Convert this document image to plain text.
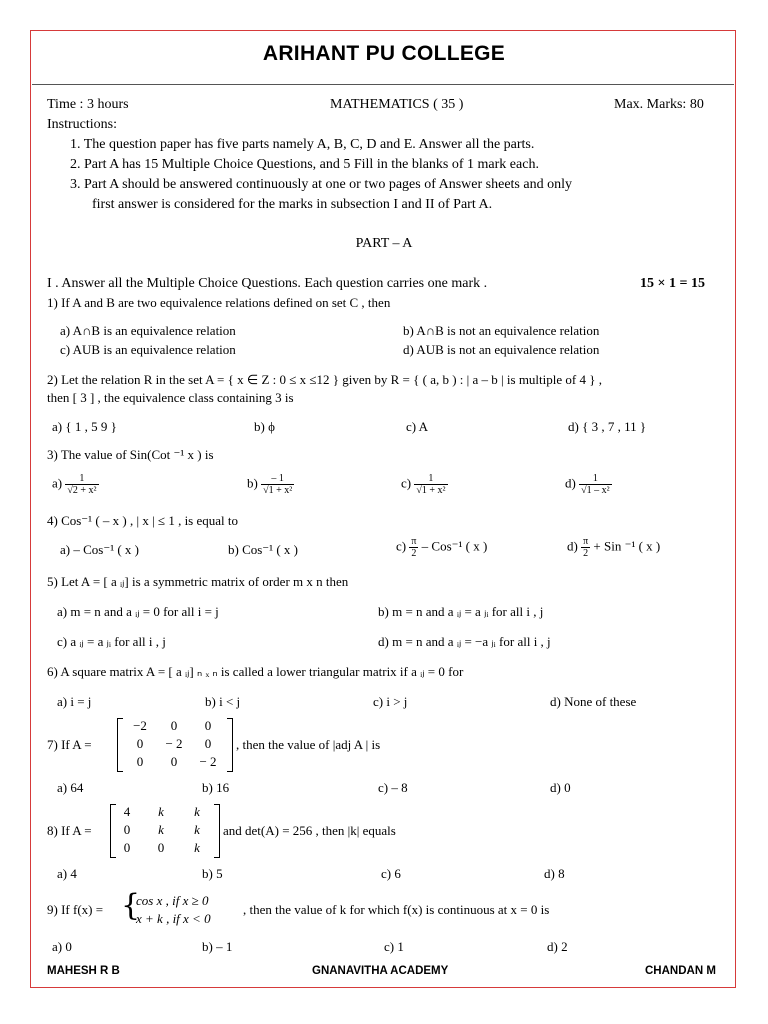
ARIHANT PU COLLEGE
Time : 3 hours	MATHEMATICS ( 35 )	Max. Marks: 80
Instructions:
1. The question paper has five parts namely A, B, C, D and E. Answer all the parts.
2. Part A has 15 Multiple Choice Questions, and 5 Fill in the blanks of 1 mark each.
3. Part A should be answered continuously at one or two pages of Answer sheets and only
first answer is considered for the marks in subsection I and II of Part A.
PART – A
I . Answer all the Multiple Choice Questions. Each question carries one mark .	15 × 1 = 15
1) If A and B are two equivalence relations defined on set C , then
a) A∩B is an equivalence relation	b) A∩B is not an equivalence relation
c) AUB is an equivalence relation	d) AUB is not an equivalence relation
2) Let the relation R in the set A = { x ∈ Z : 0 ≤ x ≤12 } given by R = { ( a, b ) : | a – b | is multiple of 4 } ,
then [ 3 ] , the equivalence class containing 3 is
a) { 1 , 5 9 }	b) ϕ	c) A	d) { 3 , 7 , 11 }
3) The value of Sin(Cot ⁻¹ x ) is
$a) \frac{1}{\text{√2 + x²}}$	$b) \frac{- 1}{\text{√1 + x²}}$	$c) \frac{1}{\text{√1 + x²}}$	$d) \frac{1}{\text{√1 – x²}}$
4) Cos⁻¹ ( – x ) , | x | ≤ 1 , is equal to
a) – Cos⁻¹ ( x )	b) Cos⁻¹ ( x )	$c) \frac{\pi}{2} - Cos^{-1}$ ( x )	$d) \frac{\pi}{2}$ + Sin ⁻¹ ( x )
5) Let A = [ a ᵢⱼ] is a symmetric matrix of order m x n then
a) m = n and a ᵢⱼ = 0 for all i = j	b) m = n and a ᵢⱼ = a ⱼᵢ for all i , j
c) a ᵢⱼ = a ⱼᵢ for all i , j	d) m = n and a ᵢⱼ = −a ⱼᵢ for all i , j
6) A square matrix A = [ a ᵢⱼ] ₙ ₓ ₙ is called a lower triangular matrix if a ᵢⱼ = 0 for
a) i = j	b) i < j	c) i > j	d) None of these
7) If A =
−2	0	0
0	− 2	0
0	0	− 2
, then the value of |adj A | is
a) 64	b) 16	c) – 8	d) 0
8) If A =
4	k	k
0	k	k
0	0	k
and det(A) = 256 , then |k| equals
a) 4	b) 5	c) 6	d) 8
9) If f(x) = {
cos x , if x ≥ 0
x + k , if x < 0
, then the value of k for which f(x) is continuous at x = 0 is
a) 0	b) – 1	c) 1	d) 2
MAHESH R B	GNANAVITHA ACADEMY	CHANDAN M
